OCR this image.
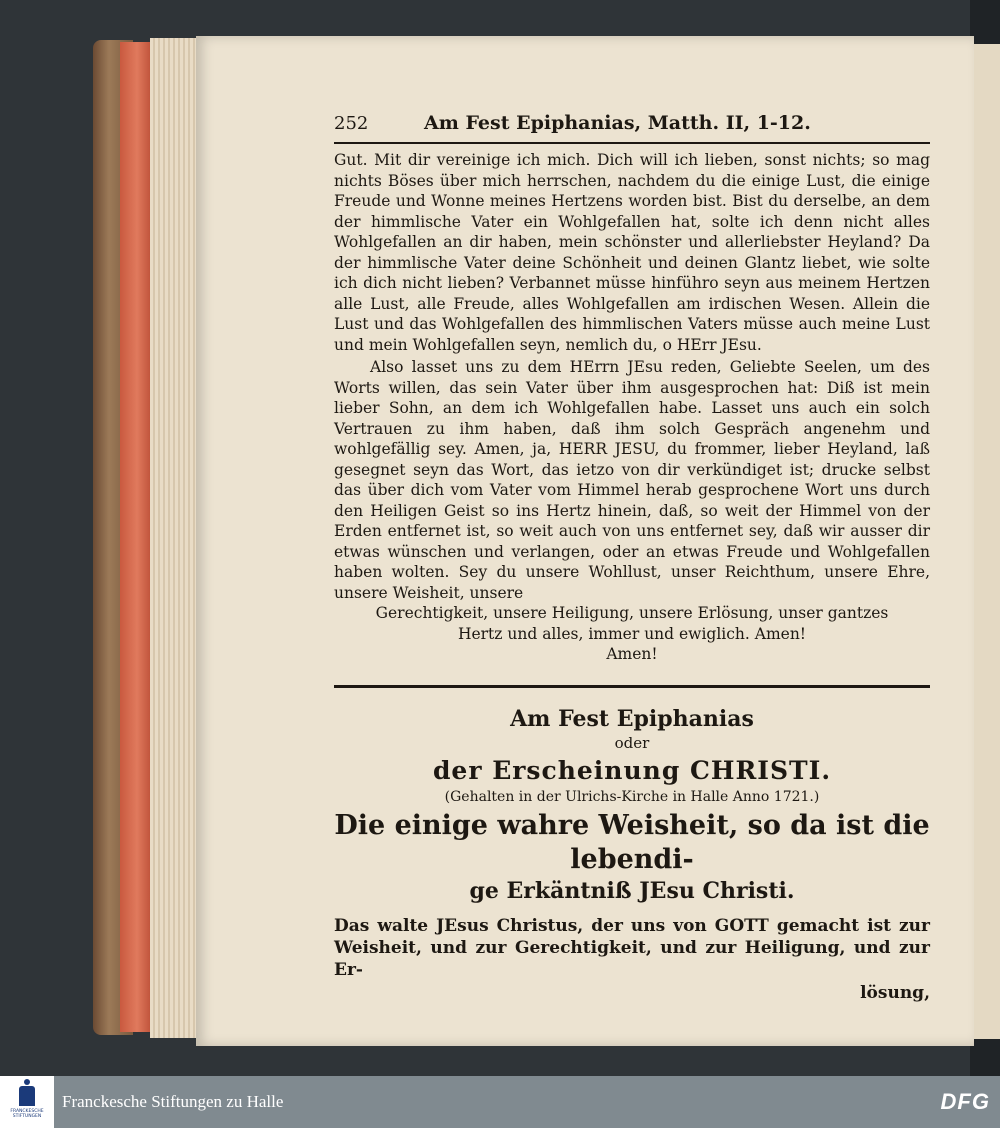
252	Am Fest Epiphanias, Matth. II, 1-12.

Gut. Mit dir vereinige ich mich. Dich will ich lieben, sonst nichts; so mag nichts Böses über mich herrschen, nachdem du die einige Lust, die einige Freude und Wonne meines Hertzens worden bist. Bist du derselbe, an dem der himmlische Vater ein Wohlgefallen hat, solte ich denn nicht alles Wohlgefallen an dir haben, mein schönster und allerliebster Heyland? Da der himmlische Vater deine Schönheit und deinen Glantz liebet, wie solte ich dich nicht lieben? Verbannet müsse hinführo seyn aus meinem Hertzen alle Lust, alle Freude, alles Wohlgefallen am irdischen Wesen. Allein die Lust und das Wohlgefallen des himmlischen Vaters müsse auch meine Lust und mein Wohlgefallen seyn, nemlich du, o HErr JEsu.

Also lasset uns zu dem HErrn JEsu reden, Geliebte Seelen, um des Worts willen, das sein Vater über ihm ausgesprochen hat: Diß ist mein lieber Sohn, an dem ich Wohlgefallen habe. Lasset uns auch ein solch Vertrauen zu ihm haben, daß ihm solch Gespräch angenehm und wohlgefällig sey. Amen, ja, HERR JESU, du frommer, lieber Heyland, laß gesegnet seyn das Wort, das ietzo von dir verkündiget ist; drucke selbst das über dich vom Vater vom Himmel herab gesprochene Wort uns durch den Heiligen Geist so ins Hertz hinein, daß, so weit der Himmel von der Erden entfernet ist, so weit auch von uns entfernet sey, daß wir ausser dir etwas wünschen und verlangen, oder an etwas Freude und Wohlgefallen haben wolten. Sey du unsere Wohllust, unser Reichthum, unsere Ehre, unsere Weisheit, unsere

Gerechtigkeit, unsere Heiligung, unsere Erlösung, unser gantzes
Hertz und alles, immer und ewiglich. Amen!
Amen!
Am Fest Epiphanias
oder
der Erscheinung CHRISTI.
(Gehalten in der Ulrichs-Kirche in Halle Anno 1721.)
Die einige wahre Weisheit, so da ist die lebendi-
ge Erkäntniß JEsu Christi.
Das walte JEsus Christus, der uns von GOTT gemacht ist zur Weisheit, und zur Gerechtigkeit, und zur Heiligung, und zur Er-
lösung,
FRANCKESCHE STIFTUNGEN
Franckesche Stiftungen zu Halle	DFG
